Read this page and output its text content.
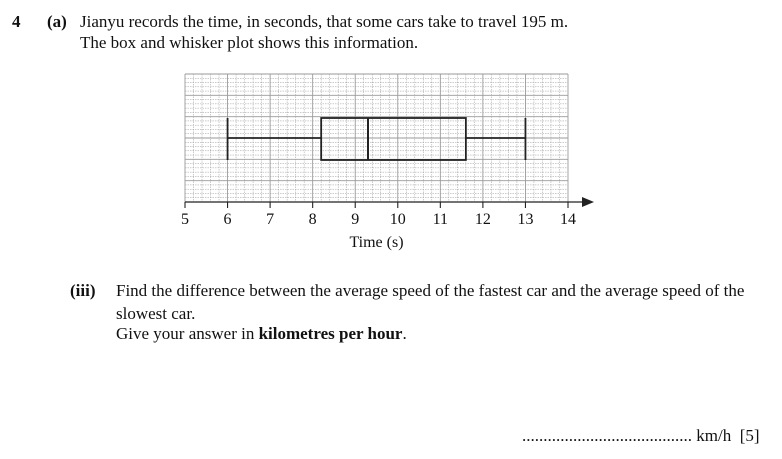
4 (a) Jianyu records the time, in seconds, that some cars take to travel 195 m.
The box and whisker plot shows this information.
5 6 7 8 9 10 11 12 13 14
Time (s)
(iii) Find the difference between the average speed of the fastest car and the average speed of the
slowest car.
Give your answer in kilometres per hour.
........................................ km/h [5]
